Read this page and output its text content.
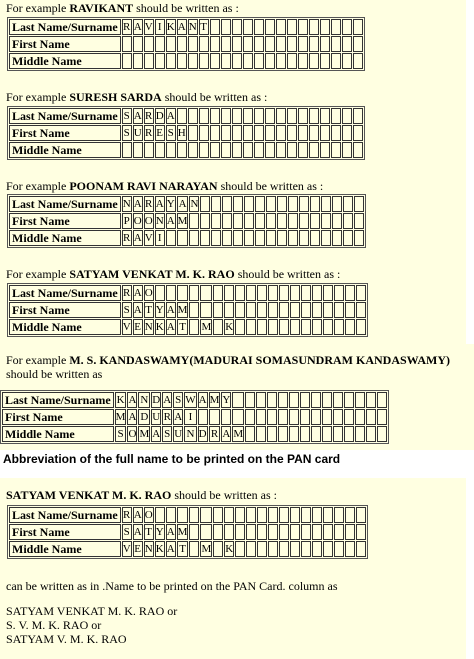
For example RAVIKANT should be written as :
Last Name/Surname	R	A	V	I	K	A	N	T														
First Name																						
Middle Name																						
For example SURESH SARDA should be written as :
Last Name/Surname	S	A	R	D	A																	
First Name	S	U	R	E	S	H																
Middle Name																						
For example POONAM RAVI NARAYAN should be written as :
Last Name/Surname	N	A	R	A	Y	A	N															
First Name	P	O	O	N	A	M																
Middle Name	R	A	V	I																		
For example SATYAM VENKAT M. K. RAO should be written as :
Last Name/Surname	R	A	O																			
First Name	S	A	T	Y	A	M																
Middle Name	V	E	N	K	A	T		M		K												
For example M. S. KANDASWAMY(MADURAI SOMASUNDRAM KANDASWAMY)
should be written as
Last Name/Surname	K	A	N	D	A	S	W	A	M	Y														
First Name	M	A	D	U	R	A	I																	
Middle Name	S	O	M	A	S	U	N	D	R	A	M													
Abbreviation of the full name to be printed on the PAN card
SATYAM VENKAT M. K. RAO should be written as :
Last Name/Surname	R	A	O																			
First Name	S	A	T	Y	A	M																
Middle Name	V	E	N	K	A	T		M		K												
can be written as in .Name to be printed on the PAN Card. column as
SATYAM VENKAT M. K. RAO or
S. V. M. K. RAO or
SATYAM V. M. K. RAO
